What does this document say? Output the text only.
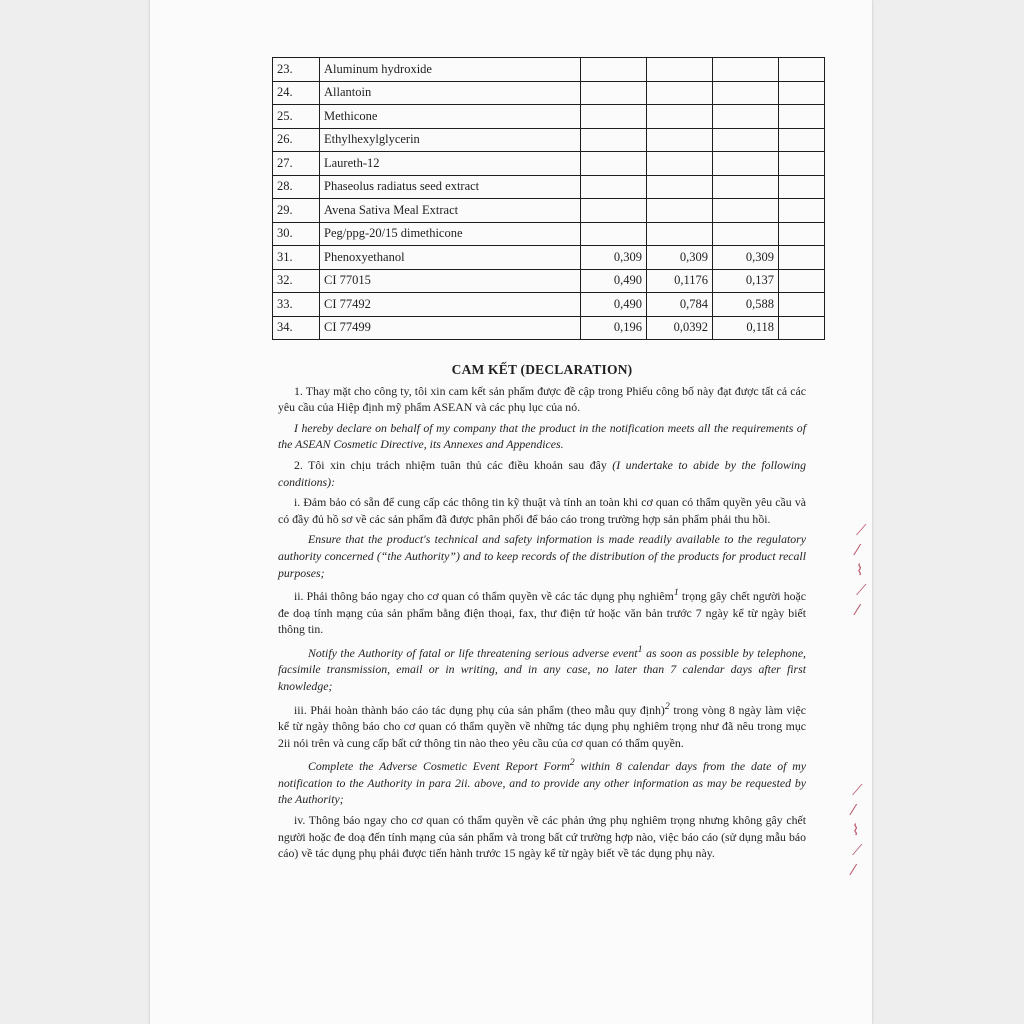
23.	Aluminum hydroxide				
24.	Allantoin				
25.	Methicone				
26.	Ethylhexylglycerin				
27.	Laureth-12				
28.	Phaseolus radiatus seed extract				
29.	Avena Sativa Meal Extract				
30.	Peg/ppg-20/15 dimethicone				
31.	Phenoxyethanol	0,309	0,309	0,309	
32.	CI 77015	0,490	0,1176	0,137	
33.	CI 77492	0,490	0,784	0,588	
34.	CI 77499	0,196	0,0392	0,118	
CAM KẾT (DECLARATION)

1. Thay mặt cho công ty, tôi xin cam kết sản phẩm được đề cập trong Phiếu công bố này đạt được tất cả các yêu cầu của Hiệp định mỹ phẩm ASEAN và các phụ lục của nó.

I hereby declare on behalf of my company that the product in the notification meets all the requirements of the ASEAN Cosmetic Directive, its Annexes and Appendices.

2. Tôi xin chịu trách nhiệm tuân thủ các điều khoản sau đây (I undertake to abide by the following conditions):

i. Đảm bảo có sẵn để cung cấp các thông tin kỹ thuật và tính an toàn khi cơ quan có thẩm quyền yêu cầu và có đầy đủ hồ sơ về các sản phẩm đã được phân phối để báo cáo trong trường hợp sản phẩm phải thu hồi.

Ensure that the product's technical and safety information is made readily available to the regulatory authority concerned (“the Authority”) and to keep records of the distribution of the products for product recall purposes;

ii. Phải thông báo ngay cho cơ quan có thẩm quyền về các tác dụng phụ nghiêm$^1$ trọng gây chết người hoặc đe doạ tính mạng của sản phẩm bằng điện thoại, fax, thư điện tử hoặc văn bản trước 7 ngày kể từ ngày biết thông tin.

Notify the Authority of fatal or life threatening serious adverse event$^1$ as soon as possible by telephone, facsimile transmission, email or in writing, and in any case, no later than 7 calendar days after first knowledge;

iii. Phải hoàn thành báo cáo tác dụng phụ của sản phẩm (theo mẫu quy định)$^2$ trong vòng 8 ngày làm việc kể từ ngày thông báo cho cơ quan có thẩm quyền về những tác dụng phụ nghiêm trọng như đã nêu trong mục 2ii nói trên và cung cấp bất cứ thông tin nào theo yêu cầu của cơ quan có thẩm quyền.

Complete the Adverse Cosmetic Event Report Form$^2$ within 8 calendar days from the date of my notification to the Authority in para 2ii. above, and to provide any other information as may be requested by the Authority;

iv. Thông báo ngay cho cơ quan có thẩm quyền về các phản ứng phụ nghiêm trọng nhưng không gây chết người hoặc đe doạ đến tính mạng của sản phẩm và trong bất cứ trường hợp nào, việc báo cáo (sử dụng mẫu báo cáo) về tác dụng phụ phải được tiến hành trước 15 ngày kể từ ngày biết về tác dụng phụ này.

⟋
⁄
⌇
⟋
⁄
⟋
⁄
⌇
⟋
⁄
